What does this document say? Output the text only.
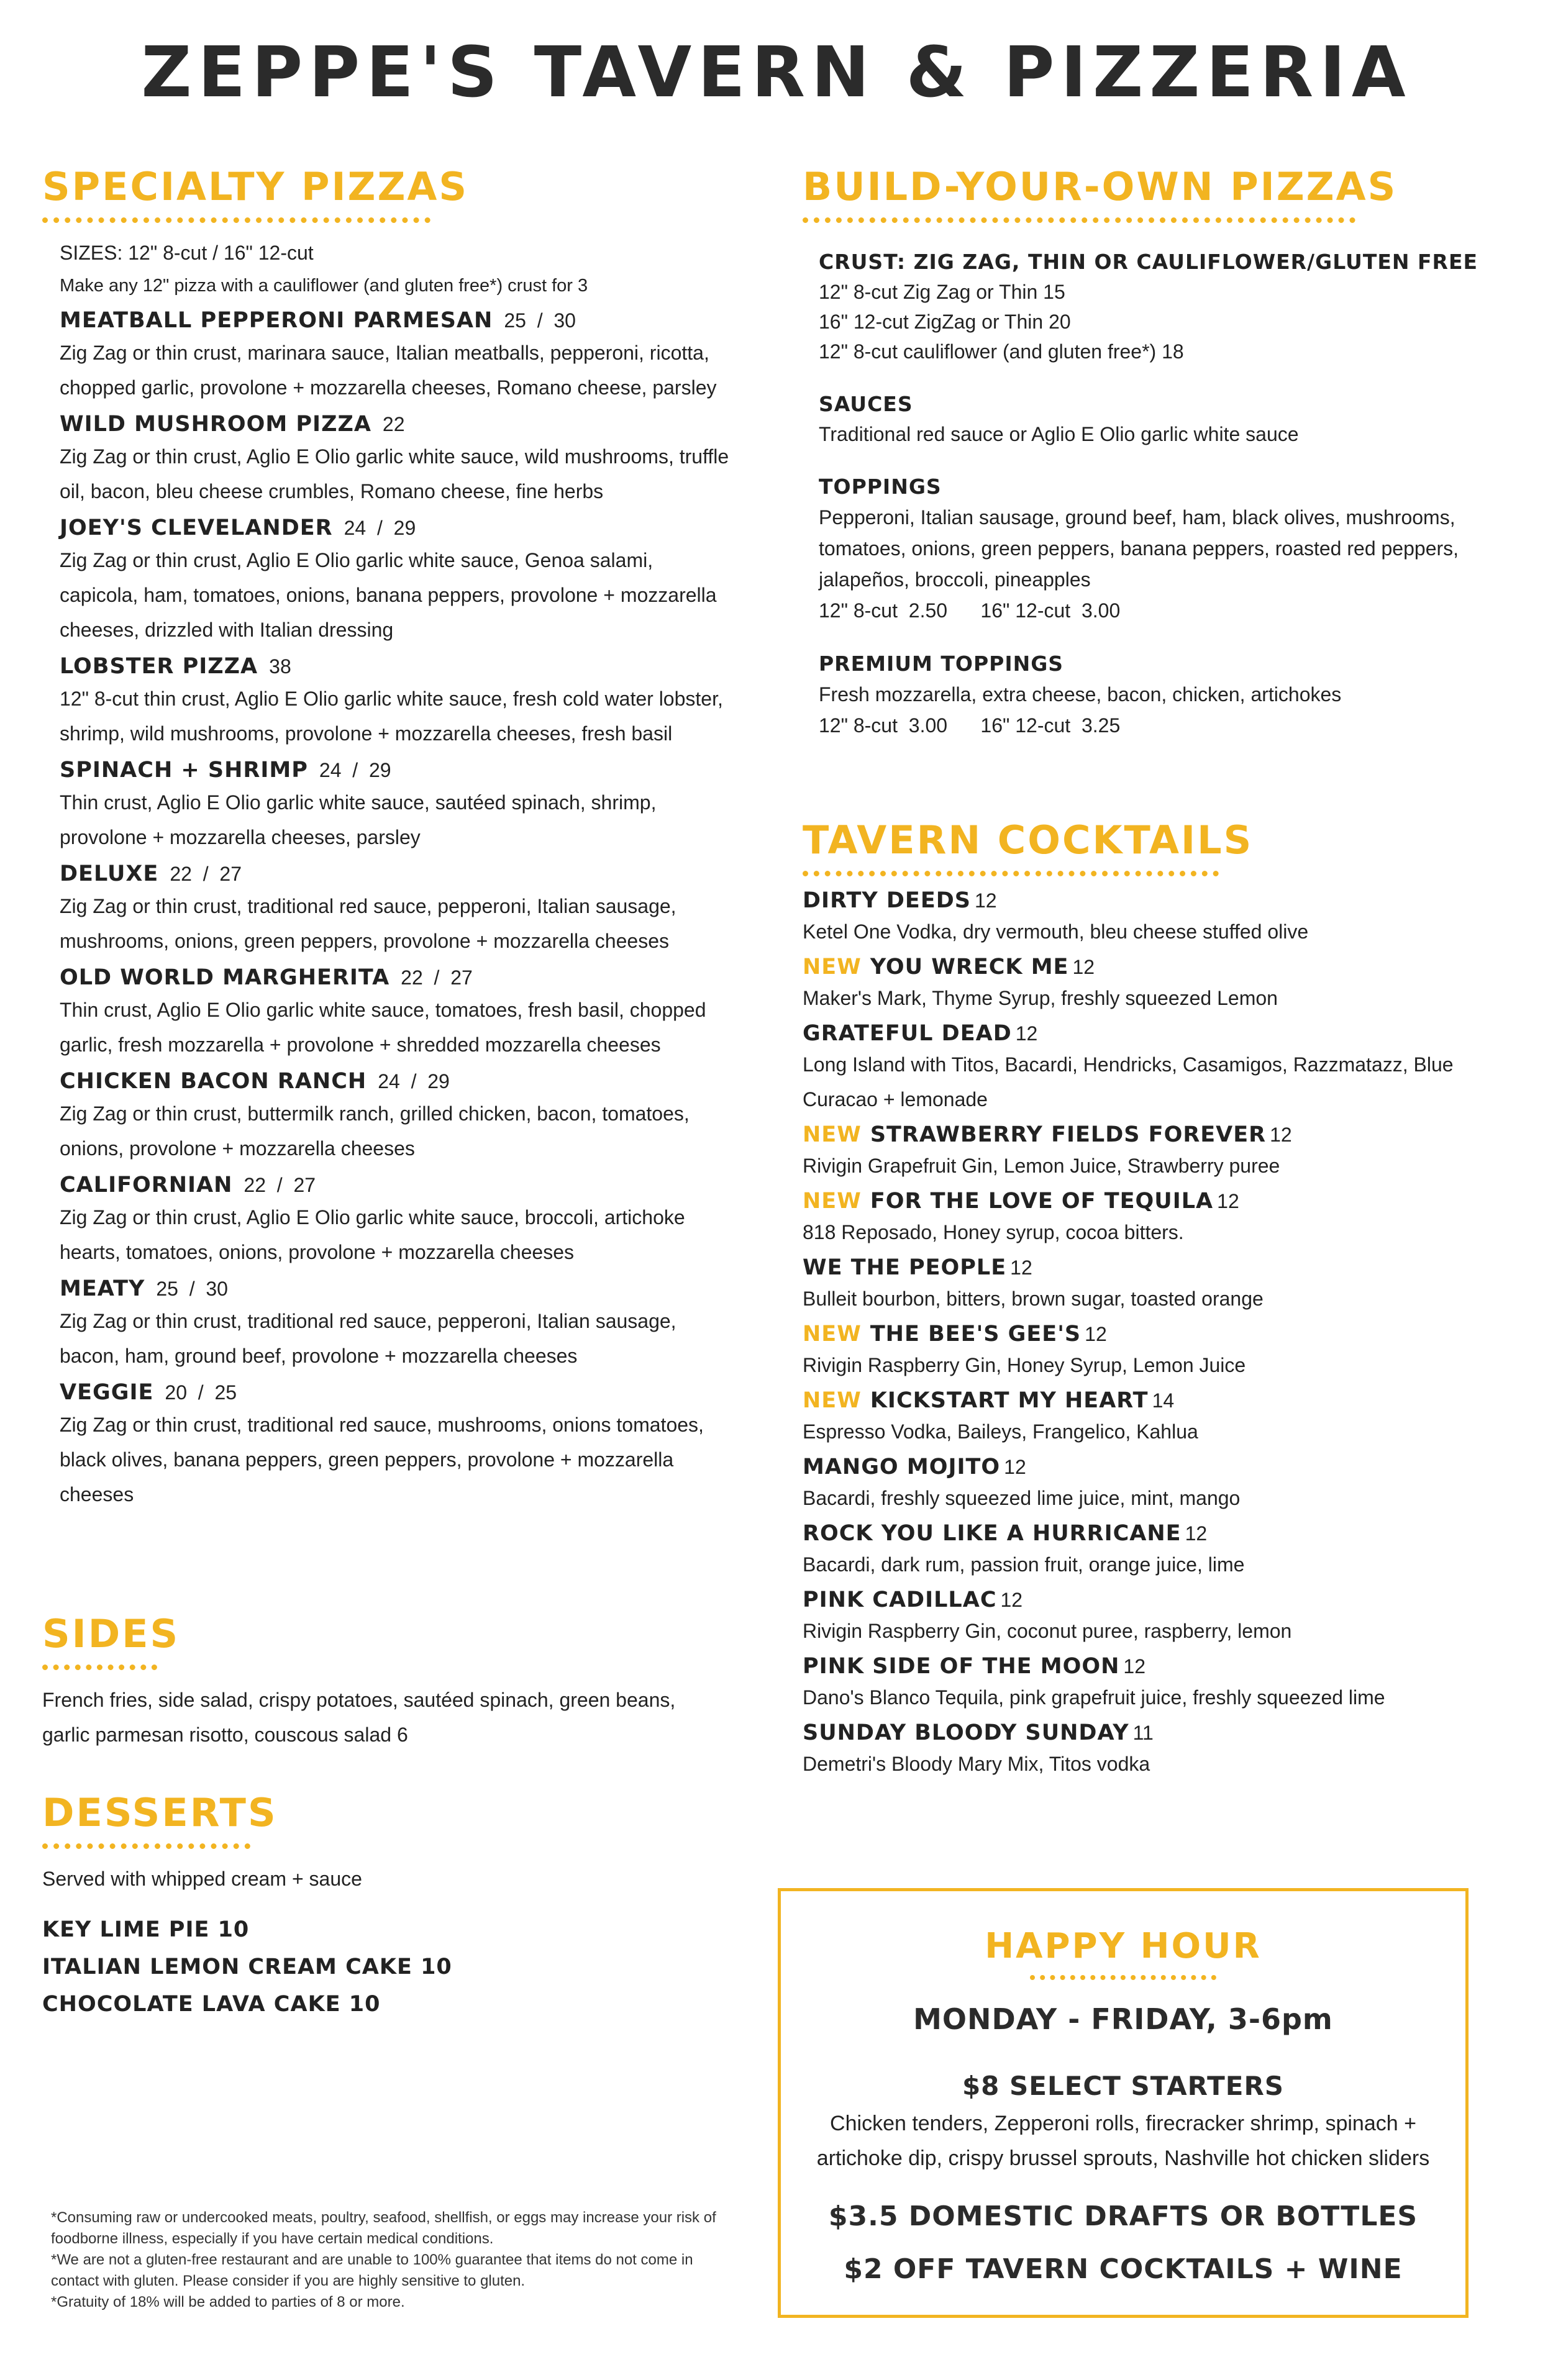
ZEPPE'S TAVERN & PIZZERIA
SPECIALTY PIZZAS
SIZES: 12" 8-cut / 16" 12-cut
Make any 12" pizza with a cauliflower (and gluten free*) crust for 3
MEATBALL PEPPERONI PARMESAN 25  /  30
Zig Zag or thin crust, marinara sauce, Italian meatballs, pepperoni, ricotta, chopped garlic, provolone + mozzarella cheeses, Romano cheese, parsley
WILD MUSHROOM PIZZA 22
Zig Zag or thin crust, Aglio E Olio garlic white sauce, wild mushrooms, truffle oil, bacon, bleu cheese crumbles, Romano cheese, fine herbs
JOEY'S CLEVELANDER 24  /  29
Zig Zag or thin crust, Aglio E Olio garlic white sauce, Genoa salami, capicola, ham, tomatoes, onions, banana peppers, provolone + mozzarella cheeses, drizzled with Italian dressing
LOBSTER PIZZA 38
12" 8-cut thin crust, Aglio E Olio garlic white sauce, fresh cold water lobster, shrimp, wild mushrooms, provolone + mozzarella cheeses, fresh basil
SPINACH + SHRIMP 24  /  29
Thin crust, Aglio E Olio garlic white sauce, sautéed spinach, shrimp, provolone + mozzarella cheeses, parsley
DELUXE 22  /  27
Zig Zag or thin crust, traditional red sauce, pepperoni, Italian sausage, mushrooms, onions, green peppers, provolone + mozzarella cheeses
OLD WORLD MARGHERITA 22  /  27
Thin crust, Aglio E Olio garlic white sauce, tomatoes, fresh basil, chopped garlic, fresh mozzarella + provolone + shredded mozzarella cheeses
CHICKEN BACON RANCH 24  /  29
Zig Zag or thin crust, buttermilk ranch, grilled chicken, bacon, tomatoes, onions, provolone + mozzarella cheeses
CALIFORNIAN 22  /  27
Zig Zag or thin crust, Aglio E Olio garlic white sauce, broccoli, artichoke hearts, tomatoes, onions, provolone + mozzarella cheeses
MEATY 25  /  30
Zig Zag or thin crust, traditional red sauce, pepperoni, Italian sausage, bacon, ham, ground beef, provolone + mozzarella cheeses
VEGGIE 20  /  25
Zig Zag or thin crust, traditional red sauce, mushrooms, onions tomatoes, black olives, banana peppers, green peppers, provolone + mozzarella cheeses
SIDES
French fries, side salad, crispy potatoes, sautéed spinach, green beans, garlic parmesan risotto, couscous salad 6
DESSERTS
Served with whipped cream + sauce
KEY LIME PIE 10
ITALIAN LEMON CREAM CAKE 10
CHOCOLATE LAVA CAKE 10
*Consuming raw or undercooked meats, poultry, seafood, shellfish, or eggs may increase your risk of foodborne illness, especially if you have certain medical conditions.
*We are not a gluten-free restaurant and are unable to 100% guarantee that items do not come in contact with gluten. Please consider if you are highly sensitive to gluten.
*Gratuity of 18% will be added to parties of 8 or more.
BUILD-YOUR-OWN PIZZAS
CRUST: ZIG ZAG, THIN OR CAULIFLOWER/GLUTEN FREE
12" 8-cut Zig Zag or Thin 15
16" 12-cut ZigZag or Thin 20
12" 8-cut cauliflower (and gluten free*) 18
SAUCES
Traditional red sauce or Aglio E Olio garlic white sauce
TOPPINGS
Pepperoni, Italian sausage, ground beef, ham, black olives, mushrooms, tomatoes, onions, green peppers, banana peppers, roasted red peppers, jalapeños, broccoli, pineapples
12" 8-cut  2.50      16" 12-cut  3.00
PREMIUM TOPPINGS
Fresh mozzarella, extra cheese, bacon, chicken, artichokes
12" 8-cut  3.00      16" 12-cut  3.25
TAVERN COCKTAILS
DIRTY DEEDS 12
Ketel One Vodka, dry vermouth, bleu cheese stuffed olive
NEW YOU WRECK ME 12
Maker's Mark, Thyme Syrup, freshly squeezed Lemon
GRATEFUL DEAD 12
Long Island with Titos, Bacardi, Hendricks, Casamigos, Razzmatazz, Blue Curacao + lemonade
NEW STRAWBERRY FIELDS FOREVER 12
Rivigin Grapefruit Gin, Lemon Juice, Strawberry puree
NEW FOR THE LOVE OF TEQUILA 12
818 Reposado, Honey syrup, cocoa bitters.
WE THE PEOPLE 12
Bulleit bourbon, bitters, brown sugar, toasted orange
NEW THE BEE'S GEE'S 12
Rivigin Raspberry Gin, Honey Syrup, Lemon Juice
NEW KICKSTART MY HEART 14
Espresso Vodka, Baileys, Frangelico, Kahlua
MANGO MOJITO 12
Bacardi, freshly squeezed lime juice, mint, mango
ROCK YOU LIKE A HURRICANE 12
Bacardi, dark rum, passion fruit, orange juice, lime
PINK CADILLAC 12
Rivigin Raspberry Gin, coconut puree, raspberry, lemon
PINK SIDE OF THE MOON 12
Dano's Blanco Tequila, pink grapefruit juice, freshly squeezed lime
SUNDAY BLOODY SUNDAY 11
Demetri's Bloody Mary Mix, Titos vodka
HAPPY HOUR
MONDAY - FRIDAY, 3-6pm
$8 SELECT STARTERS
Chicken tenders, Zepperoni rolls, firecracker shrimp, spinach + artichoke dip, crispy brussel sprouts, Nashville hot chicken sliders
$3.5 DOMESTIC DRAFTS OR BOTTLES
$2 OFF TAVERN COCKTAILS + WINE
